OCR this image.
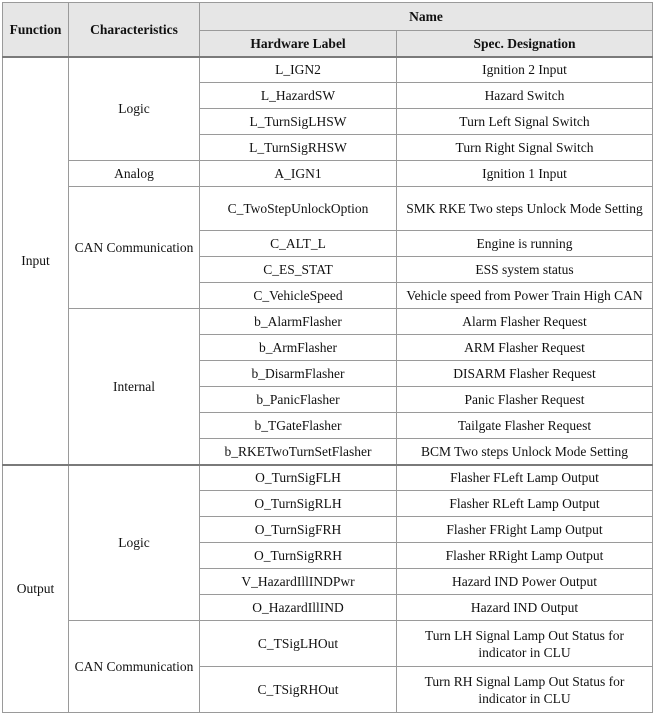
Function	Characteristics	Name	
		Hardware Label	Spec. Designation
Input	Logic	L_IGN2	Ignition 2 Input
		L_HazardSW	Hazard Switch
		L_TurnSigLHSW	Turn Left Signal Switch
		L_TurnSigRHSW	Turn Right Signal Switch
	Analog	A_IGN1	Ignition 1 Input
	CAN Communication	C_TwoStepUnlockOption	SMK RKE Two steps Unlock Mode Setting
		C_ALT_L	Engine is running
		C_ES_STAT	ESS system status
		C_VehicleSpeed	Vehicle speed from Power Train High CAN
	Internal	b_AlarmFlasher	Alarm Flasher Request
		b_ArmFlasher	ARM Flasher Request
		b_DisarmFlasher	DISARM Flasher Request
		b_PanicFlasher	Panic Flasher Request
		b_TGateFlasher	Tailgate Flasher Request
		b_RKETwoTurnSetFlasher	BCM Two steps Unlock Mode Setting
Output	Logic	O_TurnSigFLH	Flasher FLeft Lamp Output
		O_TurnSigRLH	Flasher RLeft Lamp Output
		O_TurnSigFRH	Flasher FRight Lamp Output
		O_TurnSigRRH	Flasher RRight Lamp Output
		V_HazardIllINDPwr	Hazard IND Power Output
		O_HazardIllIND	Hazard IND Output
	CAN Communication	C_TSigLHOut	Turn LH Signal Lamp Out Status for indicator in CLU
		C_TSigRHOut	Turn RH Signal Lamp Out Status for indicator in CLU
